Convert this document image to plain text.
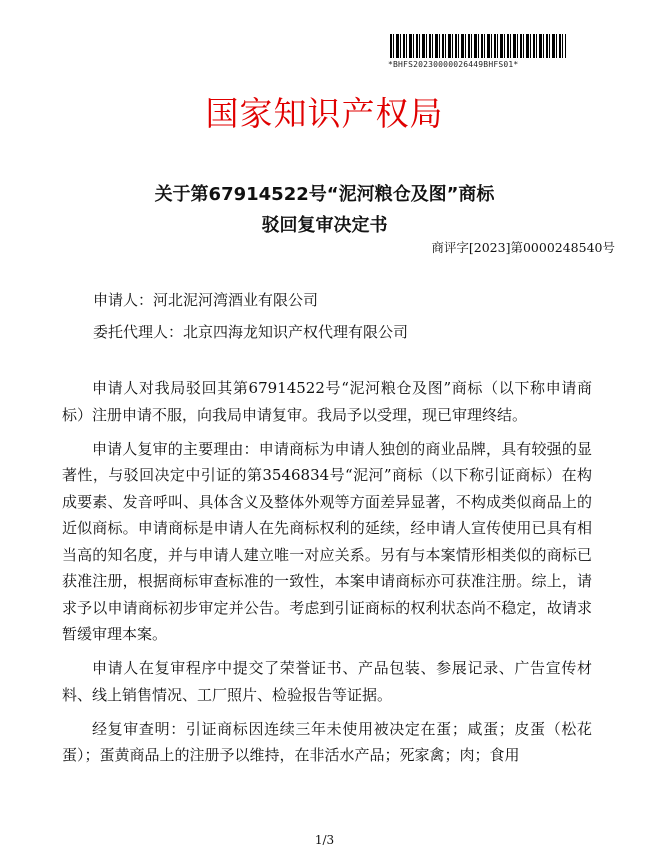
*BHFS20230000026449BHFS01*
国家知识产权局
关于第67914522号“泥河粮仓及图”商标
驳回复审决定书
商评字[2023]第0000248540号
申请人：河北泥河湾酒业有限公司
委托代理人：北京四海龙知识产权代理有限公司

申请人对我局驳回其第67914522号“泥河粮仓及图”商标（以下称申请商标）注册申请不服，向我局申请复审。我局予以受理，现已审理终结。

申请人复审的主要理由：申请商标为申请人独创的商业品牌，具有较强的显著性，与驳回决定中引证的第3546834号“泥河”商标（以下称引证商标）在构成要素、发音呼叫、具体含义及整体外观等方面差异显著，不构成类似商品上的近似商标。申请商标是申请人在先商标权利的延续，经申请人宣传使用已具有相当高的知名度，并与申请人建立唯一对应关系。另有与本案情形相类似的商标已获准注册，根据商标审查标准的一致性，本案申请商标亦可获准注册。综上，请求予以申请商标初步审定并公告。考虑到引证商标的权利状态尚不稳定，故请求暂缓审理本案。

申请人在复审程序中提交了荣誉证书、产品包装、参展记录、广告宣传材料、线上销售情况、工厂照片、检验报告等证据。

经复审查明：引证商标因连续三年未使用被决定在蛋；咸蛋；皮蛋（松花蛋）；蛋黄商品上的注册予以维持，在非活水产品；死家禽；肉；食用

1/3
